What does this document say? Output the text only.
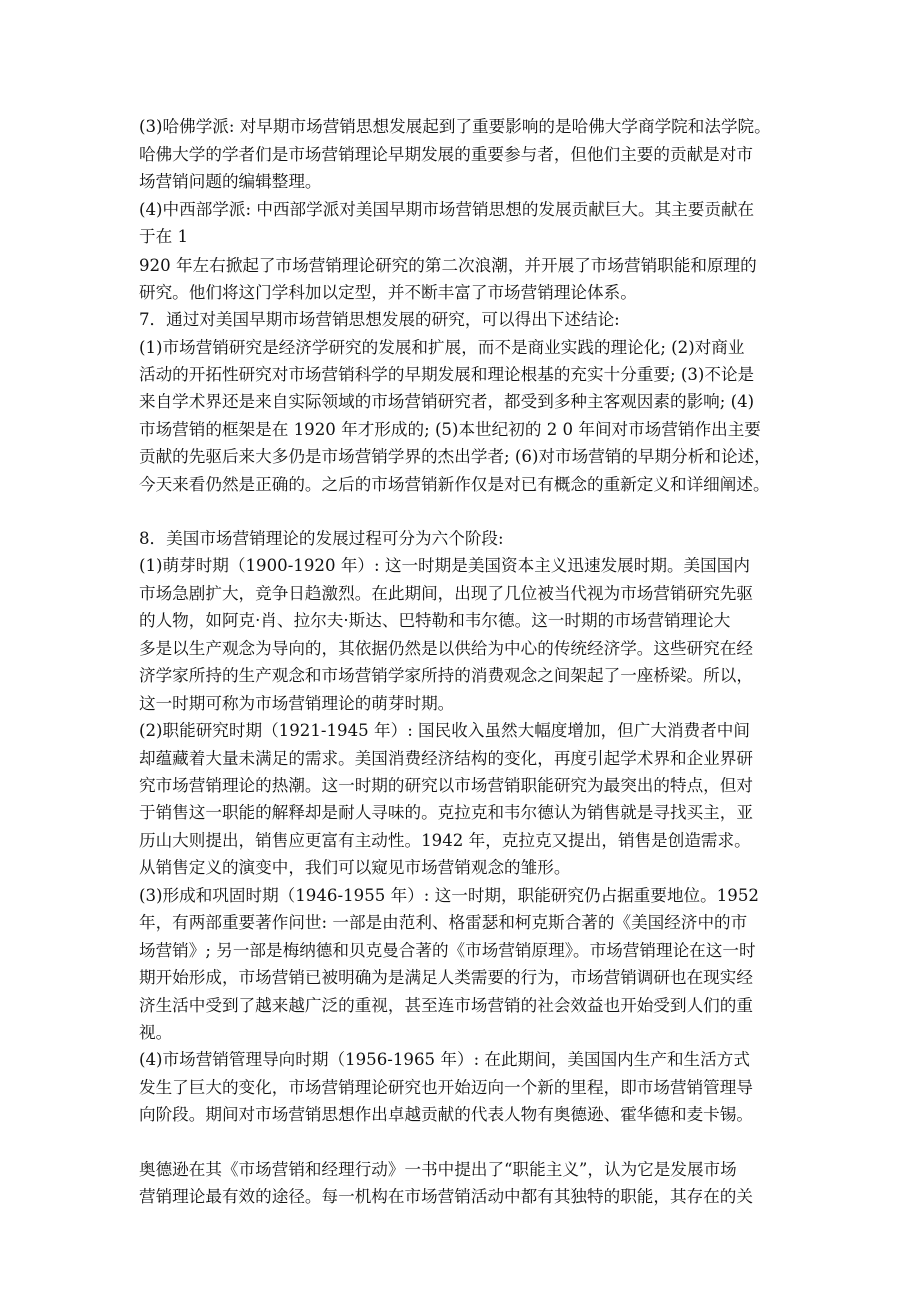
(3)哈佛学派: 对早期市场营销思想发展起到了重要影响的是哈佛大学商学院和法学院。
哈佛大学的学者们是市场营销理论早期发展的重要参与者，但他们主要的贡献是对市
场营销问题的编辑整理。
(4)中西部学派: 中西部学派对美国早期市场营销思想的发展贡献巨大。其主要贡献在
于在 1
920 年左右掀起了市场营销理论研究的第二次浪潮，并开展了市场营销职能和原理的
研究。他们将这门学科加以定型，并不断丰富了市场营销理论体系。
7．通过对美国早期市场营销思想发展的研究，可以得出下述结论:
(1)市场营销研究是经济学研究的发展和扩展，而不是商业实践的理论化; (2)对商业
活动的开拓性研究对市场营销科学的早期发展和理论根基的充实十分重要; (3)不论是
来自学术界还是来自实际领域的市场营销研究者，都受到多种主客观因素的影响; (4)
市场营销的框架是在 1920 年才形成的; (5)本世纪初的 2 0 年间对市场营销作出主要
贡献的先驱后来大多仍是市场营销学界的杰出学者; (6)对市场营销的早期分析和论述，
今天来看仍然是正确的。之后的市场营销新作仅是对已有概念的重新定义和详细阐述。
8．美国市场营销理论的发展过程可分为六个阶段:
(1)萌芽时期（1900-1920 年）: 这一时期是美国资本主义迅速发展时期。美国国内
市场急剧扩大，竞争日趋激烈。在此期间，出现了几位被当代视为市场营销研究先驱
的人物，如阿克·肖、拉尔夫·斯达、巴特勒和韦尔德。这一时期的市场营销理论大
多是以生产观念为导向的，其依据仍然是以供给为中心的传统经济学。这些研究在经
济学家所持的生产观念和市场营销学家所持的消费观念之间架起了一座桥梁。所以，
这一时期可称为市场营销理论的萌芽时期。
(2)职能研究时期（1921-1945 年）: 国民收入虽然大幅度增加，但广大消费者中间
却蕴藏着大量未满足的需求。美国消费经济结构的变化，再度引起学术界和企业界研
究市场营销理论的热潮。这一时期的研究以市场营销职能研究为最突出的特点，但对
于销售这一职能的解释却是耐人寻味的。克拉克和韦尔德认为销售就是寻找买主，亚
历山大则提出，销售应更富有主动性。1942 年，克拉克又提出，销售是创造需求。
从销售定义的演变中，我们可以窥见市场营销观念的雏形。
(3)形成和巩固时期（1946-1955 年）: 这一时期，职能研究仍占据重要地位。1952
年，有两部重要著作问世: 一部是由范利、格雷瑟和柯克斯合著的《美国经济中的市
场营销》; 另一部是梅纳德和贝克曼合著的《市场营销原理》。市场营销理论在这一时
期开始形成，市场营销已被明确为是满足人类需要的行为，市场营销调研也在现实经
济生活中受到了越来越广泛的重视，甚至连市场营销的社会效益也开始受到人们的重
视。
(4)市场营销管理导向时期（1956-1965 年）: 在此期间，美国国内生产和生活方式
发生了巨大的变化，市场营销理论研究也开始迈向一个新的里程，即市场营销管理导
向阶段。期间对市场营销思想作出卓越贡献的代表人物有奥德逊、霍华德和麦卡锡。
奥德逊在其《市场营销和经理行动》一书中提出了“职能主义”，认为它是发展市场
营销理论最有效的途径。每一机构在市场营销活动中都有其独特的职能，其存在的关
